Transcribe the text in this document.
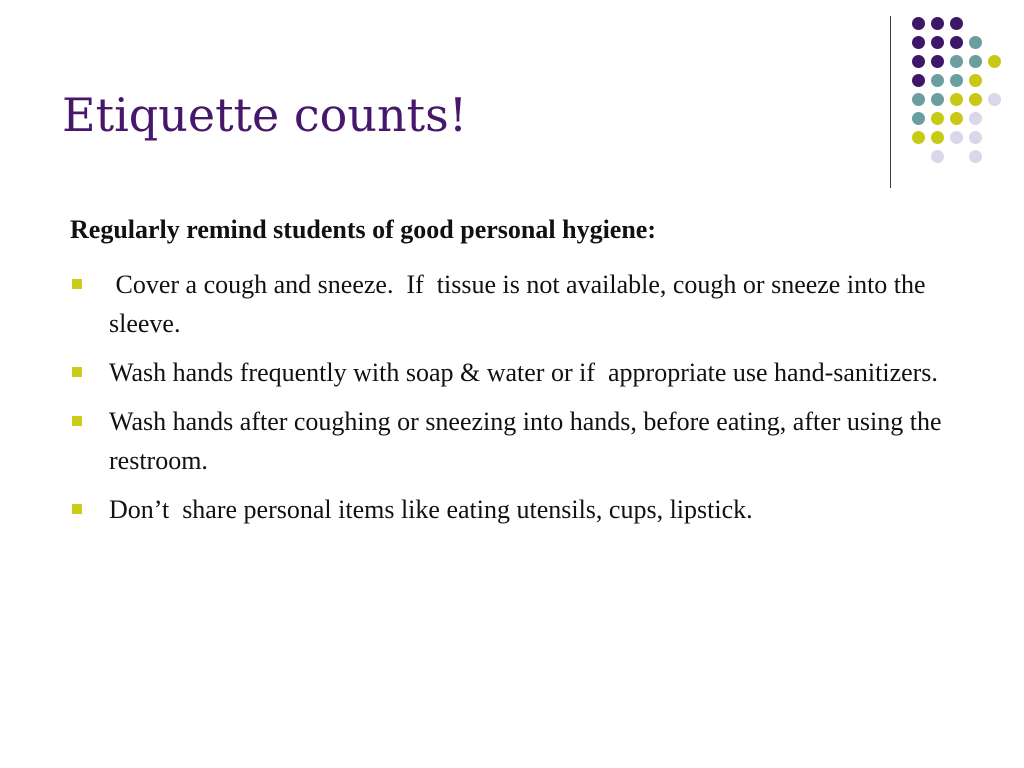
Etiquette counts!

Regularly remind students of good personal hygiene:

Cover a cough and sneeze.  If  tissue is not available, cough or sneeze into the sleeve.
Wash hands frequently with soap & water or if  appropriate use hand-sanitizers.
Wash hands after coughing or sneezing into hands, before eating, after using the restroom.
Don’t  share personal items like eating utensils, cups, lipstick.
